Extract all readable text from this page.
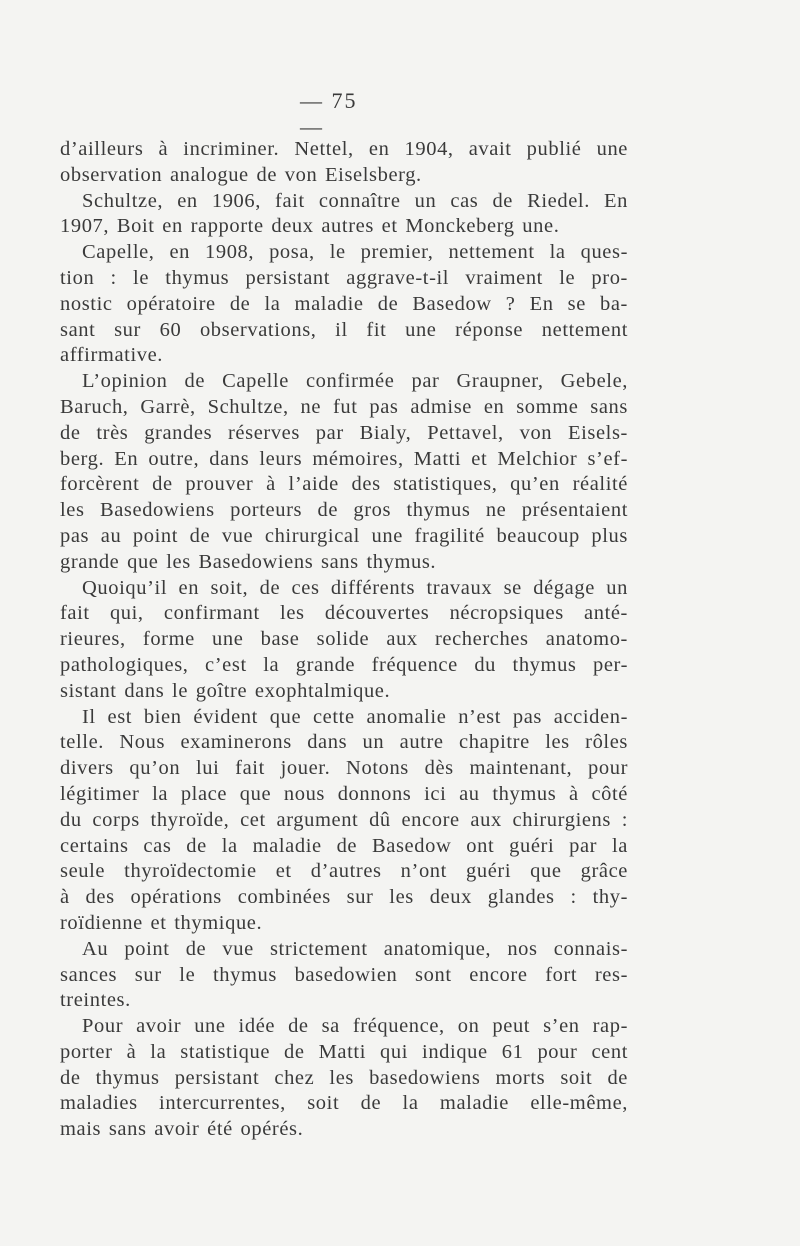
— 75 —
d’ailleurs à incriminer. Nettel, en 1904, avait publié une
observation analogue de von Eiselsberg.
Schultze, en 1906, fait connaître un cas de Riedel. En
1907, Boit en rapporte deux autres et Monckeberg une.
Capelle, en 1908, posa, le premier, nettement la ques-
tion : le thymus persistant aggrave-t-il vraiment le pro-
nostic opératoire de la maladie de Basedow ? En se ba-
sant sur 60 observations, il fit une réponse nettement
affirmative.
L’opinion de Capelle confirmée par Graupner, Gebele,
Baruch, Garrè, Schultze, ne fut pas admise en somme sans
de très grandes réserves par Bialy, Pettavel, von Eisels-
berg. En outre, dans leurs mémoires, Matti et Melchior s’ef-
forcèrent de prouver à l’aide des statistiques, qu’en réalité
les Basedowiens porteurs de gros thymus ne présentaient
pas au point de vue chirurgical une fragilité beaucoup plus
grande que les Basedowiens sans thymus.
Quoiqu’il en soit, de ces différents travaux se dégage un
fait qui, confirmant les découvertes nécropsiques anté-
rieures, forme une base solide aux recherches anatomo-
pathologiques, c’est la grande fréquence du thymus per-
sistant dans le goître exophtalmique.
Il est bien évident que cette anomalie n’est pas acciden-
telle. Nous examinerons dans un autre chapitre les rôles
divers qu’on lui fait jouer. Notons dès maintenant, pour
légitimer la place que nous donnons ici au thymus à côté
du corps thyroïde, cet argument dû encore aux chirurgiens :
certains cas de la maladie de Basedow ont guéri par la
seule thyroïdectomie et d’autres n’ont guéri que grâce
à des opérations combinées sur les deux glandes : thy-
roïdienne et thymique.
Au point de vue strictement anatomique, nos connais-
sances sur le thymus basedowien sont encore fort res-
treintes.
Pour avoir une idée de sa fréquence, on peut s’en rap-
porter à la statistique de Matti qui indique 61 pour cent
de thymus persistant chez les basedowiens morts soit de
maladies intercurrentes, soit de la maladie elle-même,
mais sans avoir été opérés.
